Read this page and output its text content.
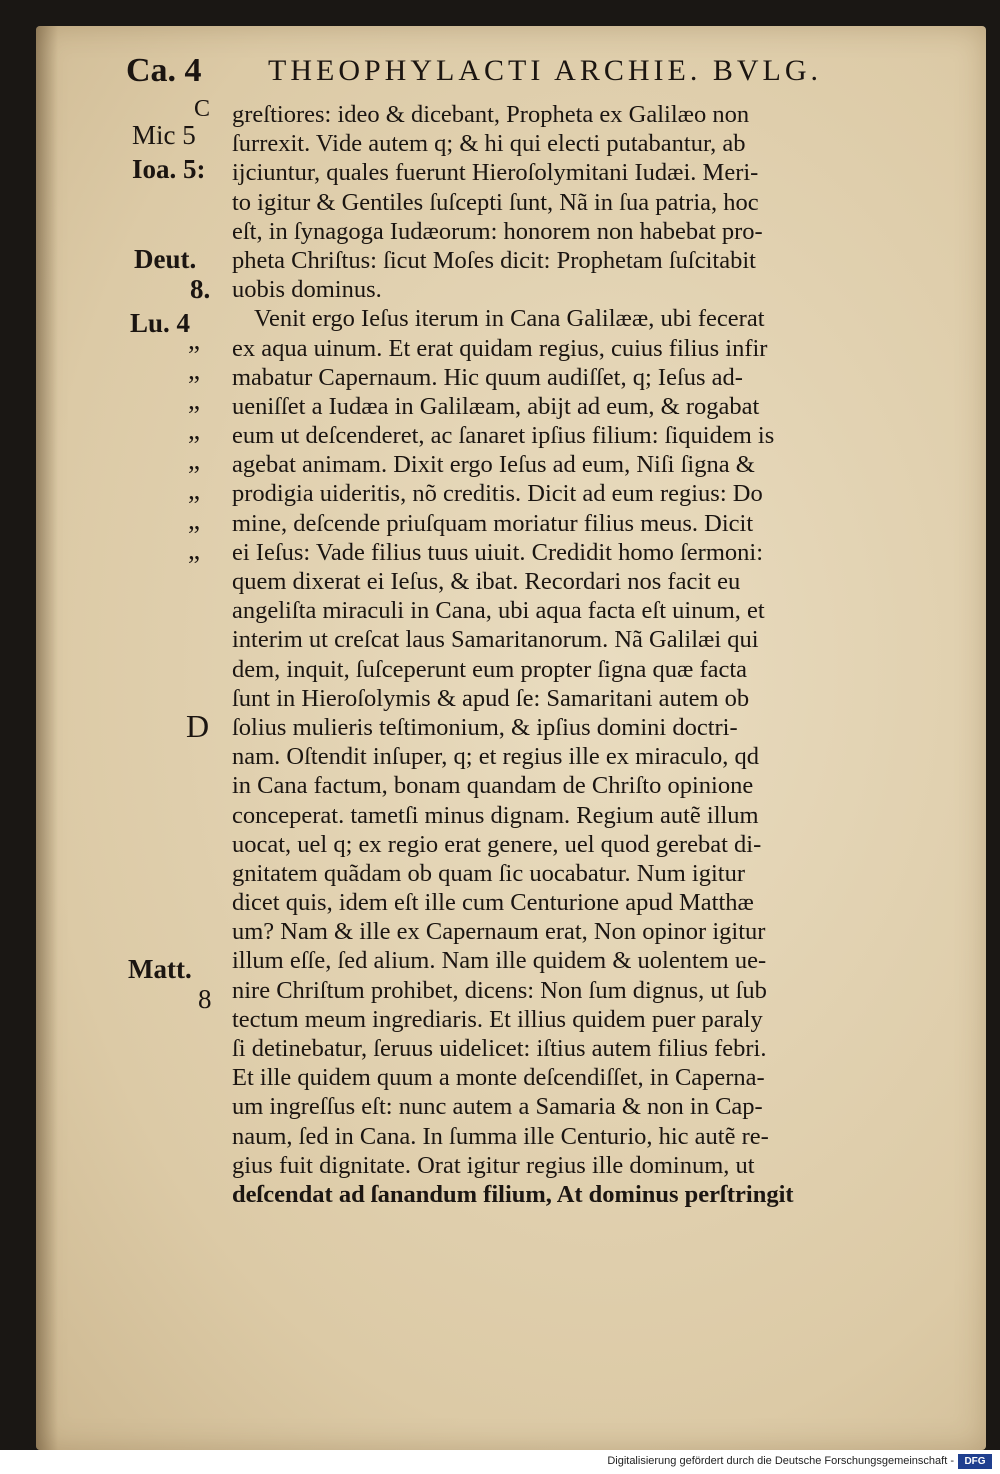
Ca. 4 THEOPHYLACTI ARCHIE. BVLG.
C
Mic 5
Ioa. 5:
Deut.
8.
Lu. 4
”
”
”
”
”
”
”
”
D
Matt.
8
greſtiores: ideo & dicebant, Propheta ex Galilæo non
ſurrexit. Vide autem q; & hi qui electi putabantur, ab
ijciuntur, quales fuerunt Hieroſolymitani Iudæi. Meri-
to igitur & Gentiles ſuſcepti ſunt, Nã in ſua patria, hoc
eſt, in ſynagoga Iudæorum: honorem non habebat pro-
pheta Chriſtus: ſicut Moſes dicit: Prophetam ſuſcitabit
uobis dominus.
Venit ergo Ieſus iterum in Cana Galilææ, ubi fecerat
ex aqua uinum. Et erat quidam regius, cuius filius infir
mabatur Capernaum. Hic quum audiſſet, q; Ieſus ad-
ueniſſet a Iudæa in Galilæam, abijt ad eum, & rogabat
eum ut deſcenderet, ac ſanaret ipſius filium: ſiquidem is
agebat animam. Dixit ergo Ieſus ad eum, Niſi ſigna &
prodigia uideritis, nõ creditis. Dicit ad eum regius: Do
mine, deſcende priuſquam moriatur filius meus. Dicit
ei Ieſus: Vade filius tuus uiuit. Credidit homo ſermoni:
quem dixerat ei Ieſus, & ibat. Recordari nos facit eu
angeliſta miraculi in Cana, ubi aqua facta eſt uinum, et
interim ut creſcat laus Samaritanorum. Nã Galilæi qui
dem, inquit, ſuſceperunt eum propter ſigna quæ facta
ſunt in Hieroſolymis & apud ſe: Samaritani autem ob
ſolius mulieris teſtimonium, & ipſius domini doctri-
nam. Oſtendit inſuper, q; et regius ille ex miraculo, qd
in Cana factum, bonam quandam de Chriſto opinione
conceperat. tametſi minus dignam. Regium autẽ illum
uocat, uel q; ex regio erat genere, uel quod gerebat di-
gnitatem quãdam ob quam ſic uocabatur. Num igitur
dicet quis, idem eſt ille cum Centurione apud Matthæ
um? Nam & ille ex Capernaum erat, Non opinor igitur
illum eſſe, ſed alium. Nam ille quidem & uolentem ue-
nire Chriſtum prohibet, dicens: Non ſum dignus, ut ſub
tectum meum ingrediaris. Et illius quidem puer paraly
ſi detinebatur, ſeruus uidelicet: iſtius autem filius febri.
Et ille quidem quum a monte deſcendiſſet, in Caperna-
um ingreſſus eſt: nunc autem a Samaria & non in Cap-
naum, ſed in Cana. In ſumma ille Centurio, hic autẽ re-
gius fuit dignitate. Orat igitur regius ille dominum, ut
deſcendat ad ſanandum filium, At dominus perſtringit
Digitalisierung gefördert durch die Deutsche Forschungsgemeinschaft -	DFG
